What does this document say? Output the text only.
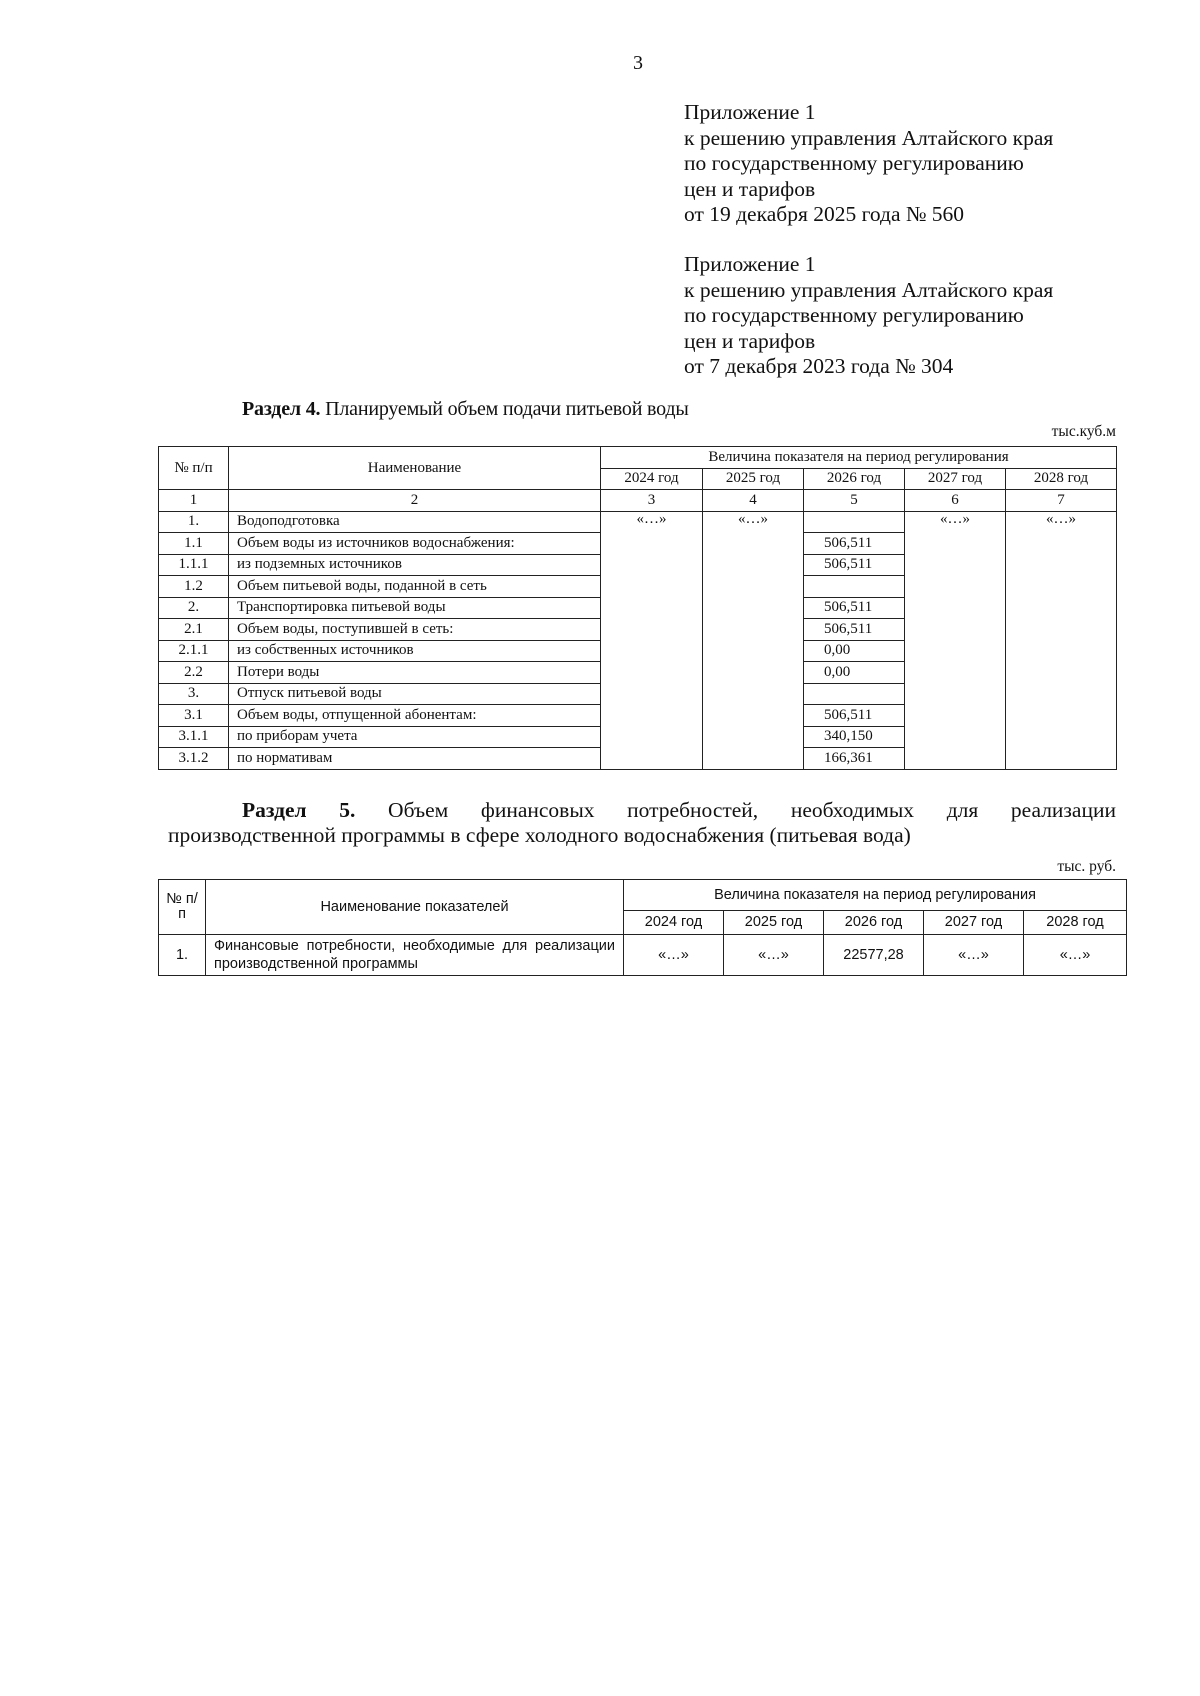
3
Приложение 1
к решению управления Алтайского края
по государственному регулированию
цен и тарифов
от 19 декабря 2025 года № 560
Приложение 1
к решению управления Алтайского края
по государственному регулированию
цен и тарифов
от 7 декабря 2023 года № 304
Раздел 4. Планируемый объем подачи питьевой воды
тыс.куб.м
№ п/п	Наименование	Величина показателя на период регулирования				
		2024 год	2025 год	2026 год	2027 год	2028 год
1	2	3	4	5	6	7
1.	Водоподготовка	«…»	«…»		«…»	«…»
1.1	Объем воды из источников водоснабжения:			506,511		
1.1.1	из подземных источников			506,511		
1.2	Объем питьевой воды, поданной в сеть					
2.	Транспортировка питьевой воды			506,511		
2.1	Объем воды, поступившей в сеть:			506,511		
2.1.1	из собственных источников			0,00		
2.2	Потери воды			0,00		
3.	Отпуск питьевой воды					
3.1	Объем воды, отпущенной абонентам:			506,511		
3.1.1	по приборам учета			340,150		
3.1.2	по нормативам			166,361		
Раздел 5. Объем финансовых потребностей, необходимых для реализации
производственной программы в сфере холодного водоснабжения (питьевая вода)
тыс. руб.
№ п/п	Наименование показателей	Величина показателя на период регулирования				
		2024 год	2025 год	2026 год	2027 год	2028 год
1.	Финансовые потребности, необходимые для реализации производственной программы	«…»	«…»	22577,28	«…»	«…»
